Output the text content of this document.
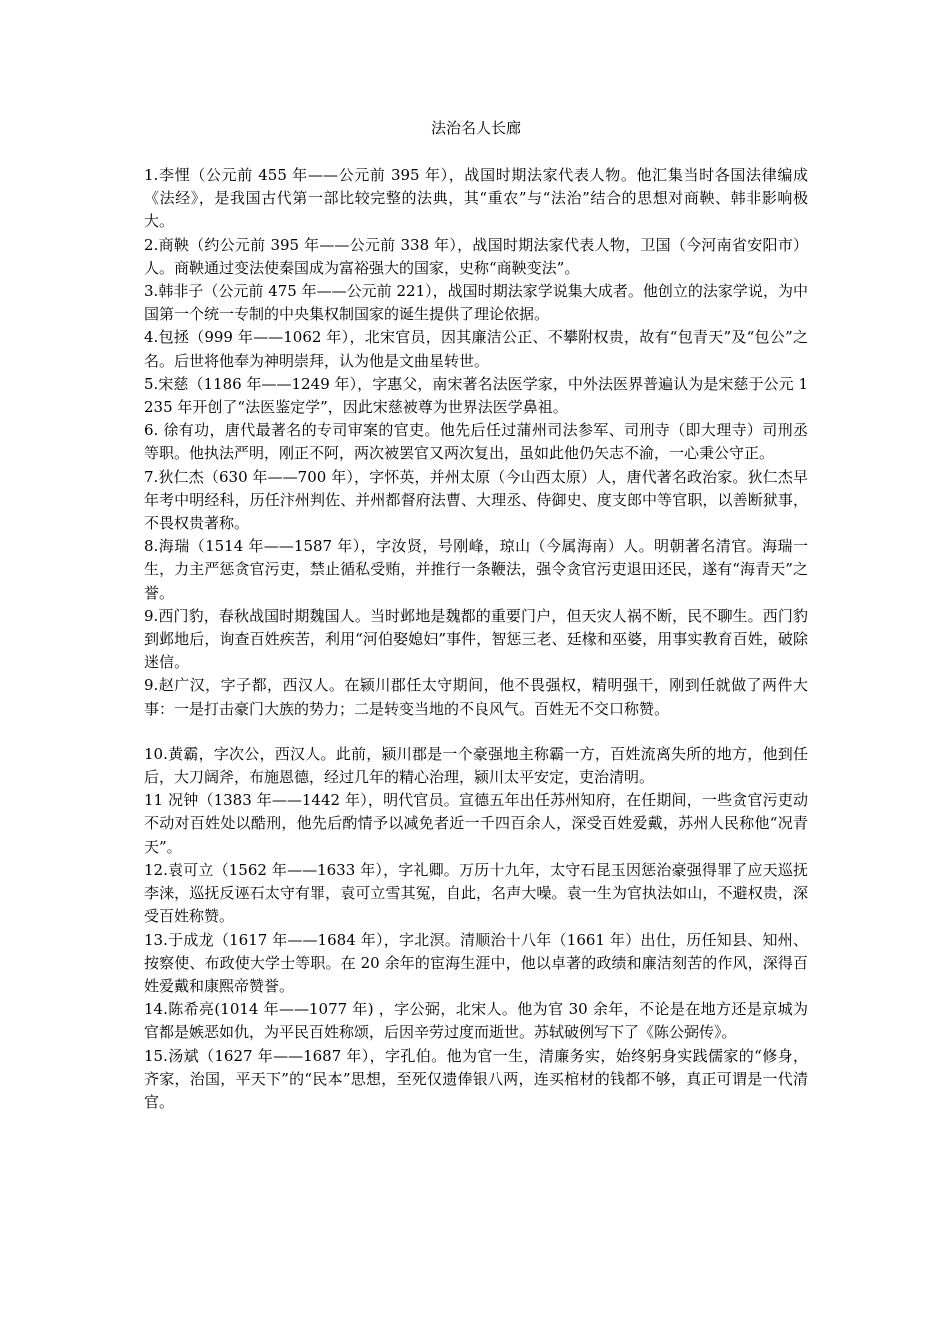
法治名人长廊

1.李悝（公元前 455 年——公元前 395 年），战国时期法家代表人物。他汇集当时各国法律编成《法经》，是我国古代第一部比较完整的法典，其“重农”与“法治”结合的思想对商鞅、韩非影响极大。

2.商鞅（约公元前 395 年——公元前 338 年），战国时期法家代表人物，卫国（今河南省安阳市）人。商鞅通过变法使秦国成为富裕强大的国家，史称“商鞅变法”。

3.韩非子（公元前 475 年——公元前 221），战国时期法家学说集大成者。他创立的法家学说，为中国第一个统一专制的中央集权制国家的诞生提供了理论依据。

4.包拯（999 年——1062 年），北宋官员，因其廉洁公正、不攀附权贵，故有“包青天”及“包公”之名。后世将他奉为神明崇拜，认为他是文曲星转世。

5.宋慈（1186 年——1249 年），字惠父，南宋著名法医学家，中外法医界普遍认为是宋慈于公元 1235 年开创了“法医鉴定学”，因此宋慈被尊为世界法医学鼻祖。

6. 徐有功，唐代最著名的专司审案的官吏。他先后任过蒲州司法参军、司刑寺（即大理寺）司刑丞等职。他执法严明，刚正不阿，两次被罢官又两次复出，虽如此他仍矢志不渝，一心秉公守正。

7.狄仁杰（630 年——700 年），字怀英，并州太原（今山西太原）人，唐代著名政治家。狄仁杰早年考中明经科，历任汴州判佐、并州都督府法曹、大理丞、侍御史、度支郎中等官职，以善断狱事，不畏权贵著称。

8.海瑞（1514 年——1587 年），字汝贤，号刚峰，琼山（今属海南）人。明朝著名清官。海瑞一生，力主严惩贪官污吏，禁止循私受贿，并推行一条鞭法，强令贪官污吏退田还民，遂有“海青天”之誉。

9.西门豹，春秋战国时期魏国人。当时邺地是魏都的重要门户，但天灾人祸不断，民不聊生。西门豹到邺地后，询查百姓疾苦，利用“河伯娶媳妇”事件，智惩三老、廷椽和巫婆，用事实教育百姓，破除迷信。

9.赵广汉，字子都，西汉人。在颍川郡任太守期间，他不畏强权，精明强干，刚到任就做了两件大事：一是打击豪门大族的势力；二是转变当地的不良风气。百姓无不交口称赞。

10.黄霸，字次公，西汉人。此前，颍川郡是一个豪强地主称霸一方，百姓流离失所的地方，他到任后，大刀阔斧，布施恩德，经过几年的精心治理，颍川太平安定，吏治清明。

11 况钟（1383 年——1442 年），明代官员。宣德五年出任苏州知府，在任期间，一些贪官污吏动不动对百姓处以酷刑，他先后酌情予以减免者近一千四百余人，深受百姓爱戴，苏州人民称他“况青天”。

12.袁可立（1562 年——1633 年），字礼卿。万历十九年，太守石昆玉因惩治豪强得罪了应天巡抚李涞，巡抚反诬石太守有罪，袁可立雪其冤，自此，名声大噪。袁一生为官执法如山，不避权贵，深受百姓称赞。

13.于成龙（1617 年——1684 年），字北溟。清顺治十八年（1661 年）出仕，历任知县、知州、按察使、布政使大学士等职。在 20 余年的宦海生涯中，他以卓著的政绩和廉洁刻苦的作风，深得百姓爱戴和康熙帝赞誉。

14.陈希亮(1014 年——1077 年) ，字公弼，北宋人。他为官 30 余年，不论是在地方还是京城为官都是嫉恶如仇，为平民百姓称颂，后因辛劳过度而逝世。苏轼破例写下了《陈公弼传》。

15.汤斌（1627 年——1687 年），字孔伯。他为官一生，清廉务实，始终躬身实践儒家的“修身，齐家，治国，平天下”的“民本”思想，至死仅遗俸银八两，连买棺材的钱都不够，真正可谓是一代清官。
